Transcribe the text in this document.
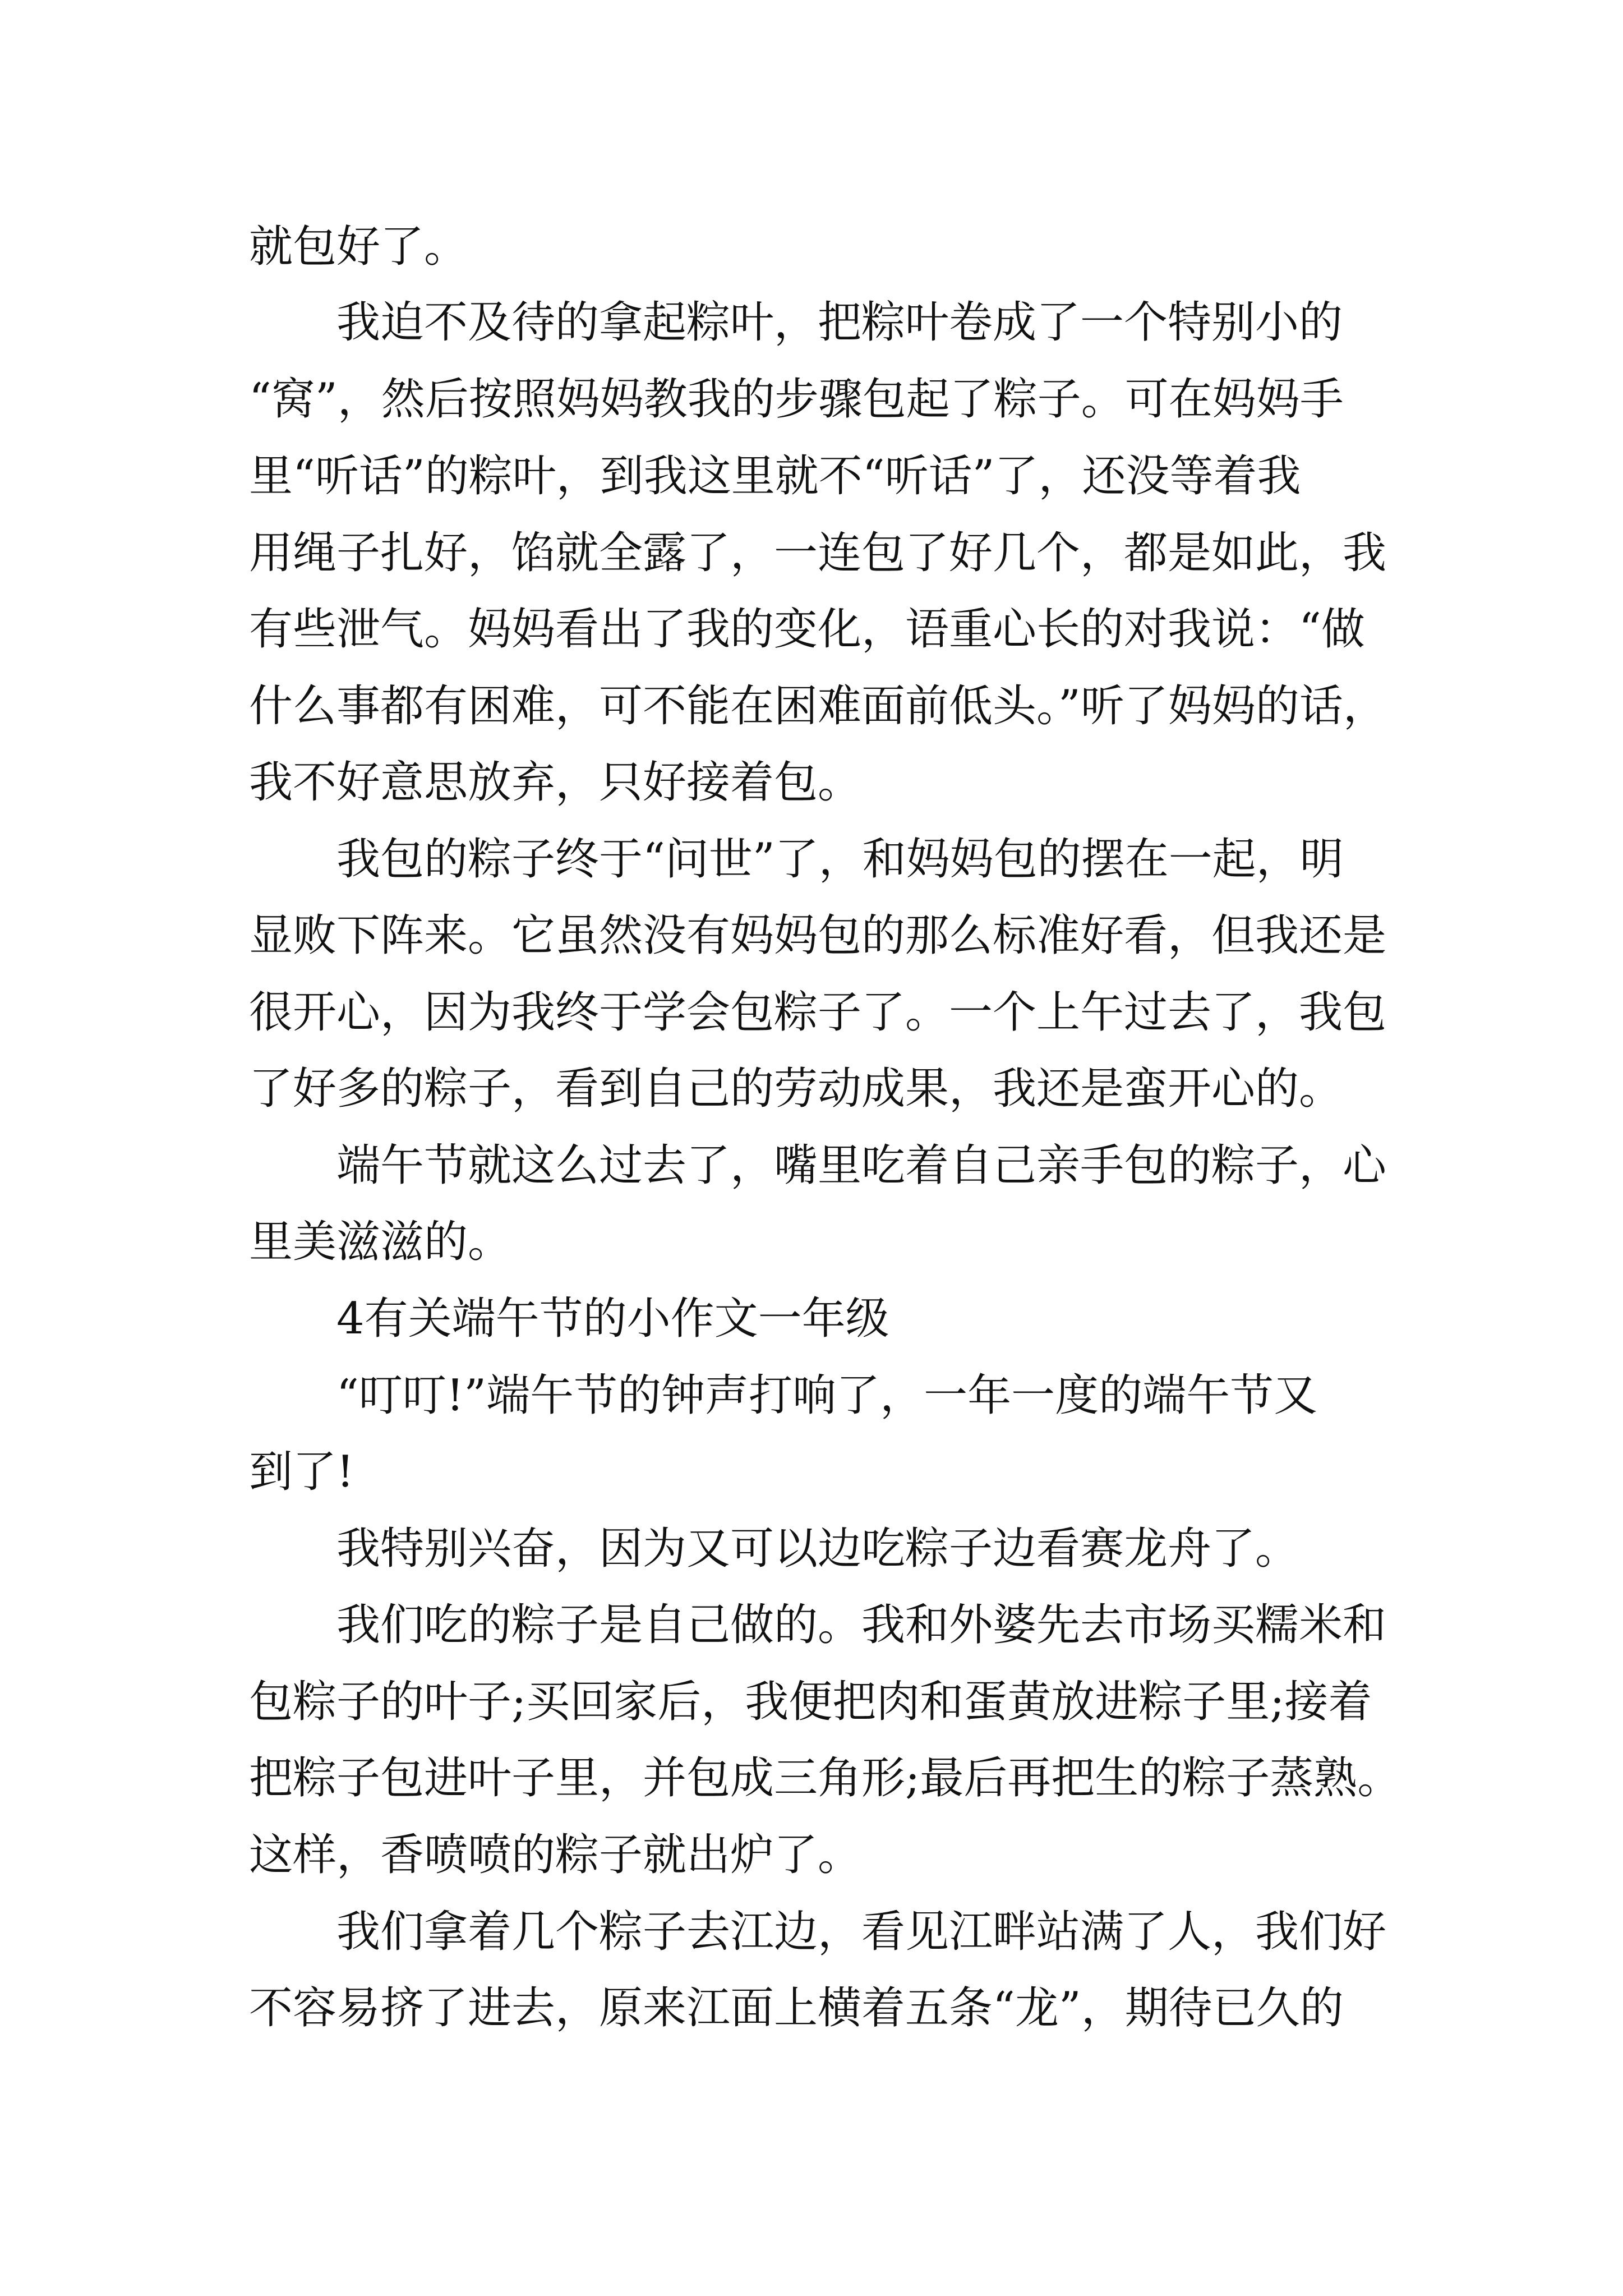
就包好了。
我迫不及待的拿起粽叶，把粽叶卷成了一个特别小的
“窝”，然后按照妈妈教我的步骤包起了粽子。可在妈妈手
里“听话”的粽叶，到我这里就不“听话”了，还没等着我
用绳子扎好，馅就全露了，一连包了好几个，都是如此，我
有些泄气。妈妈看出了我的变化，语重心长的对我说：“做
什么事都有困难，可不能在困难面前低头。”听了妈妈的话，
我不好意思放弃，只好接着包。
我包的粽子终于“问世”了，和妈妈包的摆在一起，明
显败下阵来。它虽然没有妈妈包的那么标准好看，但我还是
很开心，因为我终于学会包粽子了。一个上午过去了，我包
了好多的粽子，看到自己的劳动成果，我还是蛮开心的。
端午节就这么过去了，嘴里吃着自己亲手包的粽子，心
里美滋滋的。
4有关端午节的小作文一年级
“叮叮!”端午节的钟声打响了，一年一度的端午节又
到了!
我特别兴奋，因为又可以边吃粽子边看赛龙舟了。
我们吃的粽子是自己做的。我和外婆先去市场买糯米和
包粽子的叶子;买回家后，我便把肉和蛋黄放进粽子里;接着
把粽子包进叶子里，并包成三角形;最后再把生的粽子蒸熟。
这样，香喷喷的粽子就出炉了。
我们拿着几个粽子去江边，看见江畔站满了人，我们好
不容易挤了进去，原来江面上横着五条“龙”，期待已久的
